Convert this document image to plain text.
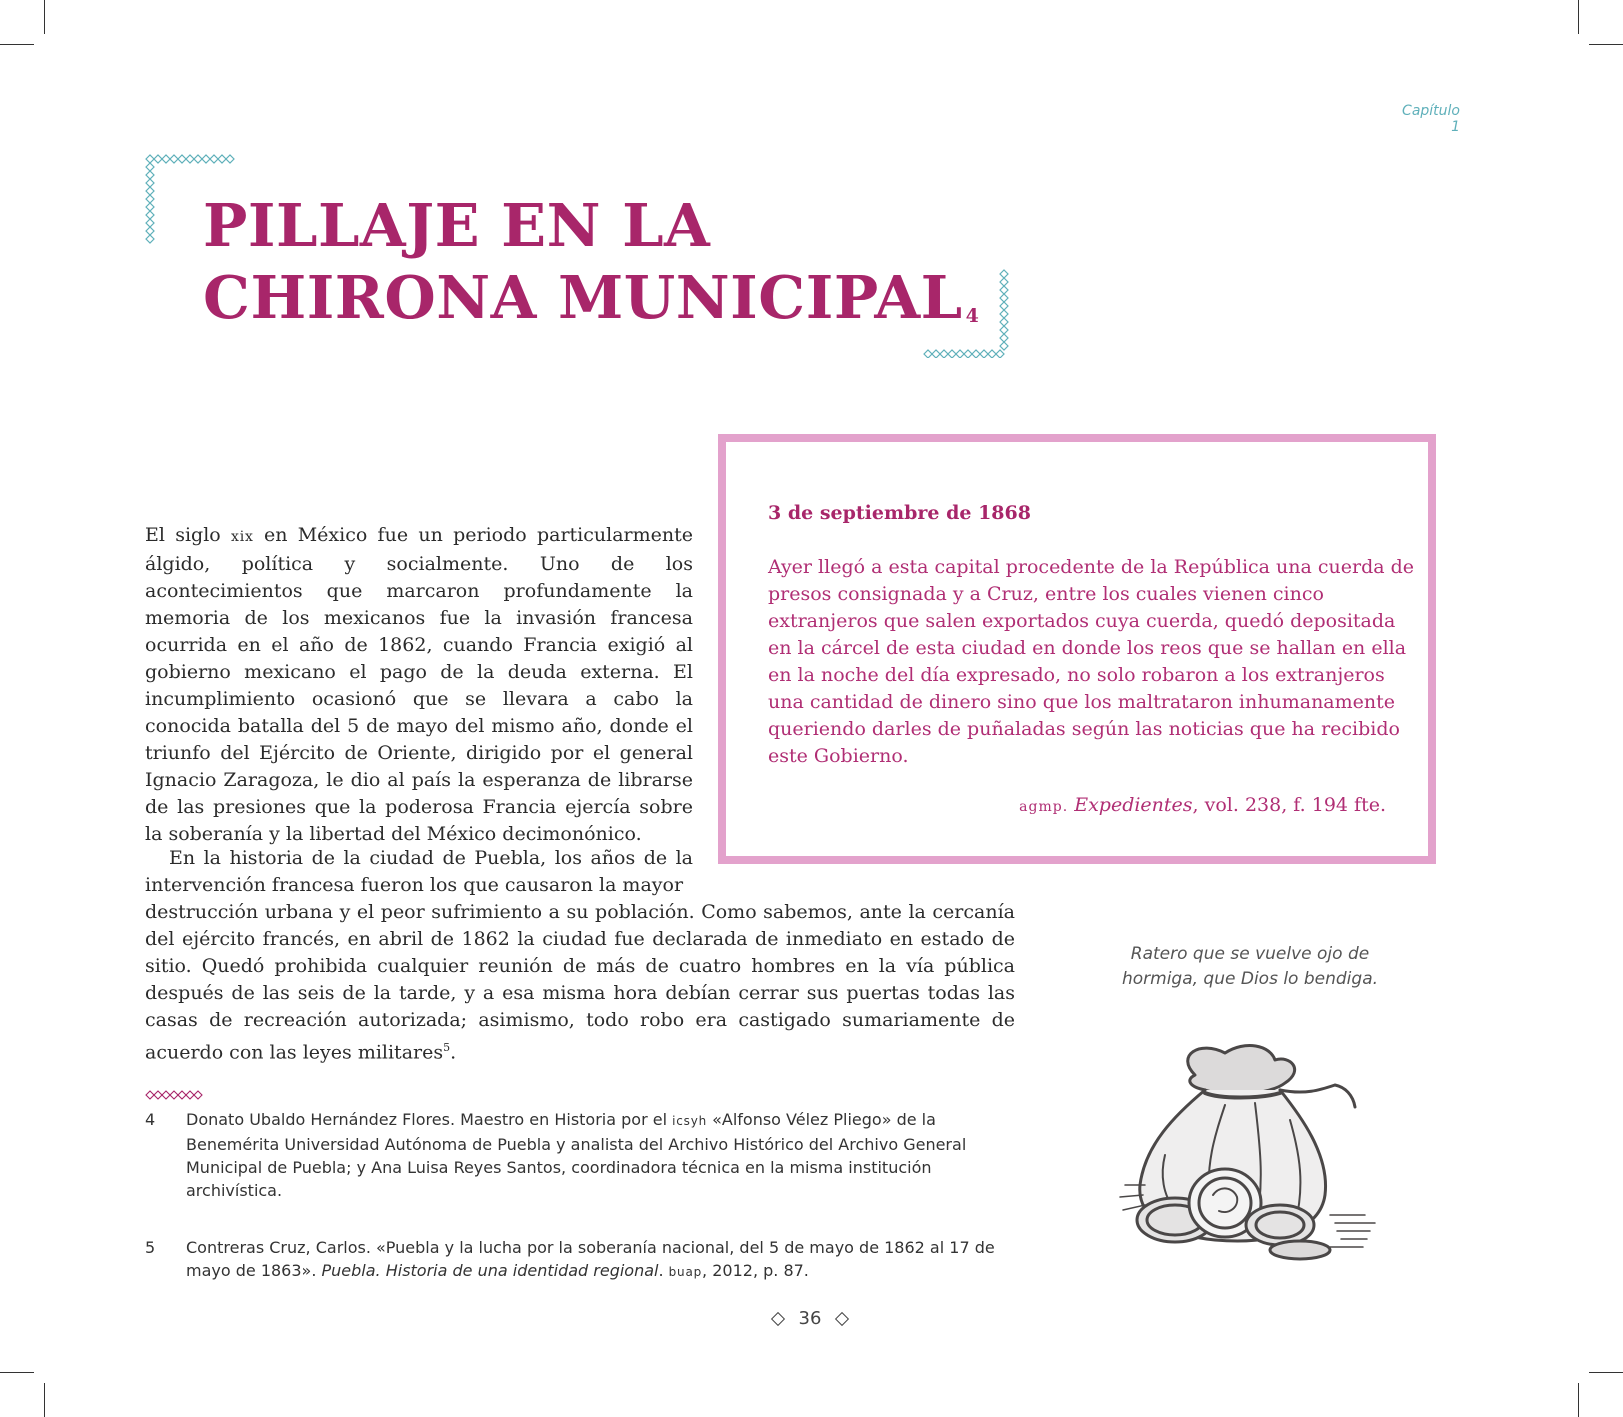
Capítulo 1
PILLAJE EN LA
CHIRONA MUNICIPAL $^4$
3 de septiembre de 1868

Ayer llegó a esta capital procedente de la República una cuerda de presos consignada y a Cruz, entre los cuales vienen cinco extranjeros que salen exportados cuya cuerda, quedó depositada en la cárcel de esta ciudad en donde los reos que se hallan en ella en la noche del día expresado, no solo robaron a los extranjeros una cantidad de dinero sino que los maltrataron inhumanamente queriendo darles de puñaladas según las noticias que ha recibido este Gobierno.

agmp. Expedientes, vol. 238, f. 194 fte.

El siglo xix en México fue un periodo particularmente álgido, política y socialmente. Uno de los acontecimientos que marcaron profundamente la memoria de los mexicanos fue la invasión francesa ocurrida en el año de 1862, cuando Francia exigió al gobierno mexicano el pago de la deuda externa. El incumplimiento ocasionó que se llevara a cabo la conocida batalla del 5 de mayo del mismo año, donde el triunfo del Ejército de Oriente, dirigido por el general Ignacio Zaragoza, le dio al país la esperanza de librarse de las presiones que la poderosa Francia ejercía sobre la soberanía y la libertad del México decimonónico.

En la historia de la ciudad de Puebla, los años de la intervención francesa fueron los que causaron la mayor

destrucción urbana y el peor sufrimiento a su población. Como sabemos, ante la cercanía del ejército francés, en abril de 1862 la ciudad fue declarada de inmediato en estado de sitio. Quedó prohibida cualquier reunión de más de cuatro hombres en la vía pública después de las seis de la tarde, y a esa misma hora debían cerrar sus puertas todas las casas de recreación autorizada; asimismo, todo robo era castigado sumariamente de acuerdo con las leyes militares$^5$.

Ratero que se vuelve ojo de
hormiga, que Dios lo bendiga.
4 Donato Ubaldo Hernández Flores. Maestro en Historia por el icsyh «Alfonso Vélez Pliego» de la Benemérita Universidad Autónoma de Puebla y analista del Archivo Histórico del Archivo General Municipal de Puebla; y Ana Luisa Reyes Santos, coordinadora técnica en la misma institución archivística.

5 Contreras Cruz, Carlos. «Puebla y la lucha por la soberanía nacional, del 5 de mayo de 1862 al 17 de mayo de 1863». Puebla. Historia de una identidad regional. buap, 2012, p. 87.

36
